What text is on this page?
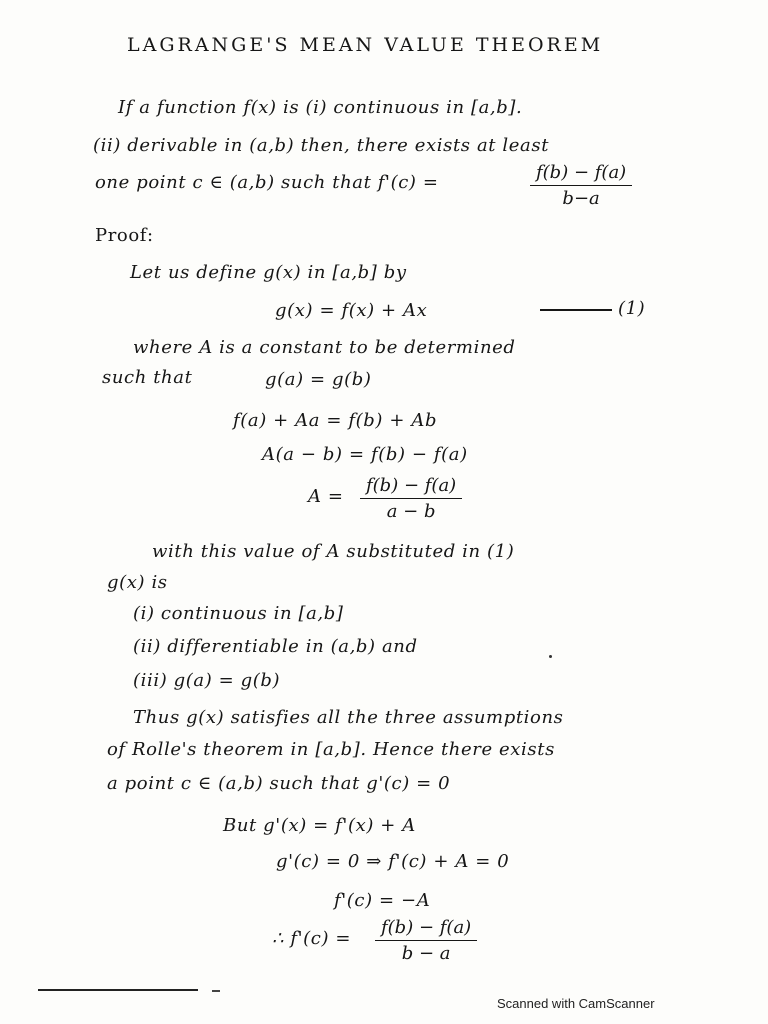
LAGRANGE'S MEAN VALUE THEOREM
If a function f(x) is (i) continuous in [a,b].
(ii) derivable in (a,b) then, there exists at least
one point c ∈ (a,b) such that f'(c) =	$\frac{f(b) - f(a)}{b-a}$
Proof:
Let us define g(x) in [a,b] by
g(x) = f(x) + Ax	(1)
where A is a constant to be determined
such that	g(a) = g(b)
f(a) + Aa = f(b) + Ab
A(a − b) = f(b) − f(a)
$A = \frac{f(b) - f(a)}{a - b}$
with this value of A substituted in (1)
g(x) is
(i) continuous in [a,b]
(ii) differentiable in (a,b) and
(iii) g(a) = g(b)
Thus g(x) satisfies all the three assumptions
of Rolle's theorem in [a,b]. Hence there exists
a point c ∈ (a,b) such that g'(c) = 0
But g'(x) = f'(x) + A
g'(c) = 0 ⇒ f'(c) + A = 0
f'(c) = −A
∴ $f'(c) = \frac{f(b) - f(a)}{b - a}$
Scanned with CamScanner
